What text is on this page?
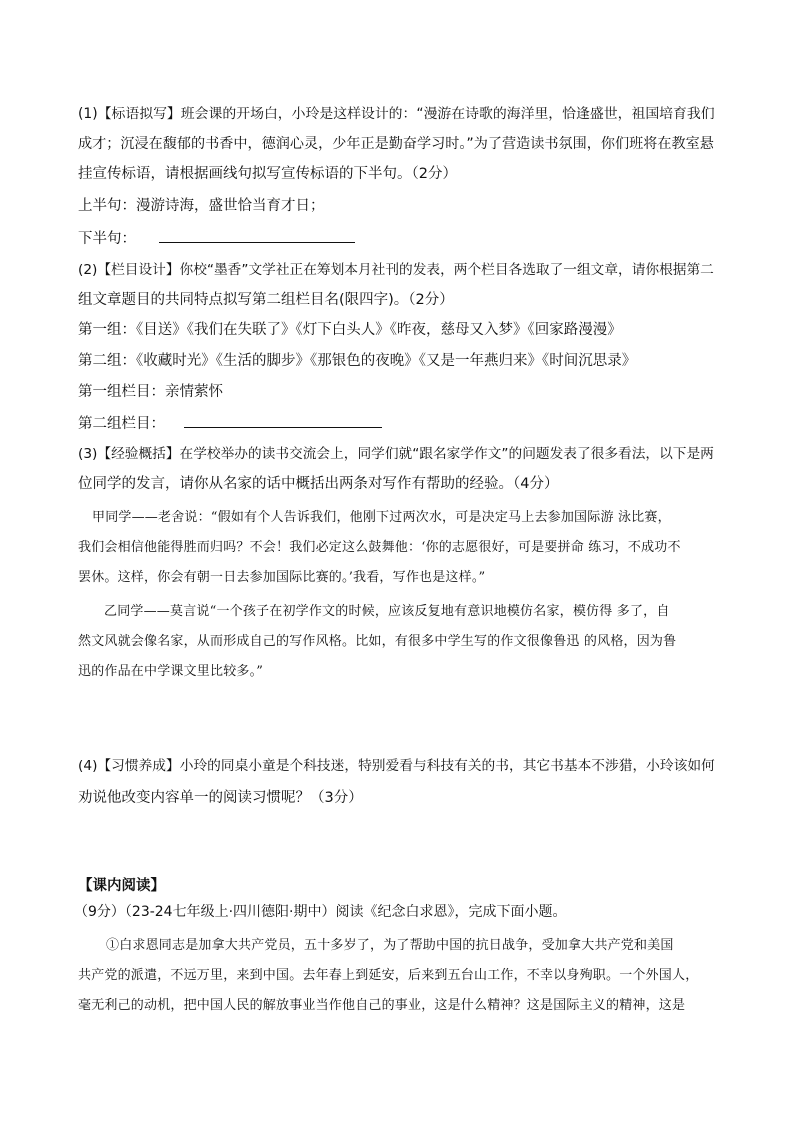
(1)【标语拟写】班会课的开场白，小玲是这样设计的：“漫游在诗歌的海洋里，恰逢盛世，祖国培育我们
成才；沉浸在馥郁的书香中，德润心灵，少年正是勤奋学习时。”为了营造读书氛围，你们班将在教室悬
挂宣传标语，请根据画线句拟写宣传标语的下半句。（2分）
上半句：漫游诗海，盛世恰当育才日；
下半句：
(2)【栏目设计】你校“墨香”文学社正在筹划本月社刊的发表，两个栏目各选取了一组文章，请你根据第二
组文章题目的共同特点拟写第二组栏目名(限四字)。（2分）
第一组：《目送》《我们在失联了》《灯下白头人》《昨夜，慈母又入梦》《回家路漫漫》
第二组：《收藏时光》《生活的脚步》《那银色的夜晚》《又是一年燕归来》《时间沉思录》
第一组栏目：亲情萦怀
第二组栏目：
(3)【经验概括】在学校举办的读书交流会上，同学们就“跟名家学作文”的问题发表了很多看法，以下是两
位同学的发言，请你从名家的话中概括出两条对写作有帮助的经验。（4分）
甲同学——老舍说：“假如有个人告诉我们，他刚下过两次水，可是决定马上去参加国际游 泳比赛，
我们会相信他能得胜而归吗？不会！我们必定这么鼓舞他：‘你的志愿很好，可是要拼命 练习，不成功不
罢休。这样，你会有朝一日去参加国际比赛的。’我看，写作也是这样。”
乙同学——莫言说“一个孩子在初学作文的时候，应该反复地有意识地模仿名家，模仿得 多了，自
然文风就会像名家，从而形成自己的写作风格。比如，有很多中学生写的作文很像鲁迅 的风格，因为鲁
迅的作品在中学课文里比较多。”
(4)【习惯养成】小玲的同桌小童是个科技迷，特别爱看与科技有关的书，其它书基本不涉猎，小玲该如何
劝说他改变内容单一的阅读习惯呢？（3分）
【课内阅读】
（9分）（23-24七年级上·四川德阳·期中）阅读《纪念白求恩》，完成下面小题。
①白求恩同志是加拿大共产党员，五十多岁了，为了帮助中国的抗日战争，受加拿大共产党和美国
共产党的派遣，不远万里，来到中国。去年春上到延安，后来到五台山工作，不幸以身殉职。一个外国人，
毫无利己的动机，把中国人民的解放事业当作他自己的事业，这是什么精神？这是国际主义的精神，这是
